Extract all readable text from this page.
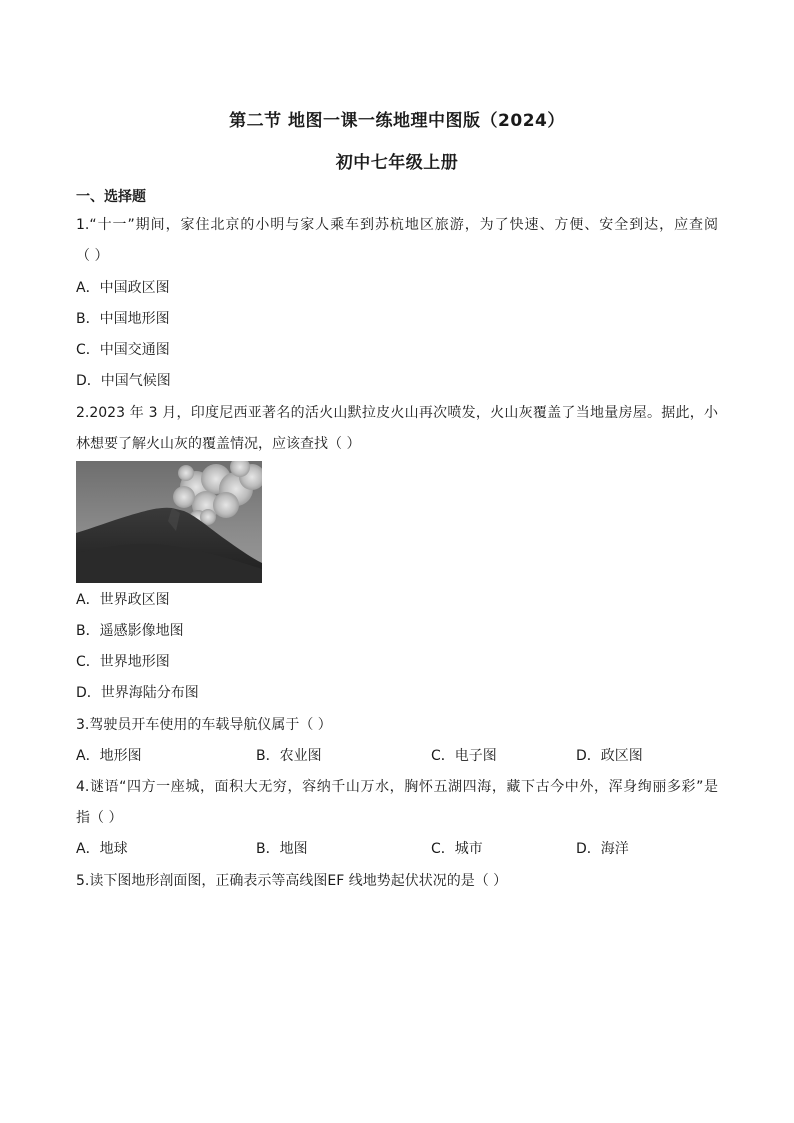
第二节 地图一课一练地理中图版（2024）
初中七年级上册
一、选择题
1.“十一”期间，家住北京的小明与家人乘车到苏杭地区旅游，为了快速、方便、安全到达，应查阅
（ ）
A．中国政区图
B．中国地形图
C．中国交通图
D．中国气候图
2.2023 年 3 月，印度尼西亚著名的活火山默拉皮火山再次喷发，火山灰覆盖了当地量房屋。据此，小
林想要了解火山灰的覆盖情况，应该查找（ ）
A．世界政区图
B．遥感影像地图
C．世界地形图
D．世界海陆分布图
3.驾驶员开车使用的车载导航仪属于（ ）
A．地形图	B．农业图	C．电子图	D．政区图
4.谜语“四方一座城，面积大无穷，容纳千山万水，胸怀五湖四海，藏下古今中外，浑身绚丽多彩”是
指（ ）
A．地球	B．地图	C．城市	D．海洋
5.读下图地形剖面图，正确表示等高线图EF 线地势起伏状况的是（ ）
